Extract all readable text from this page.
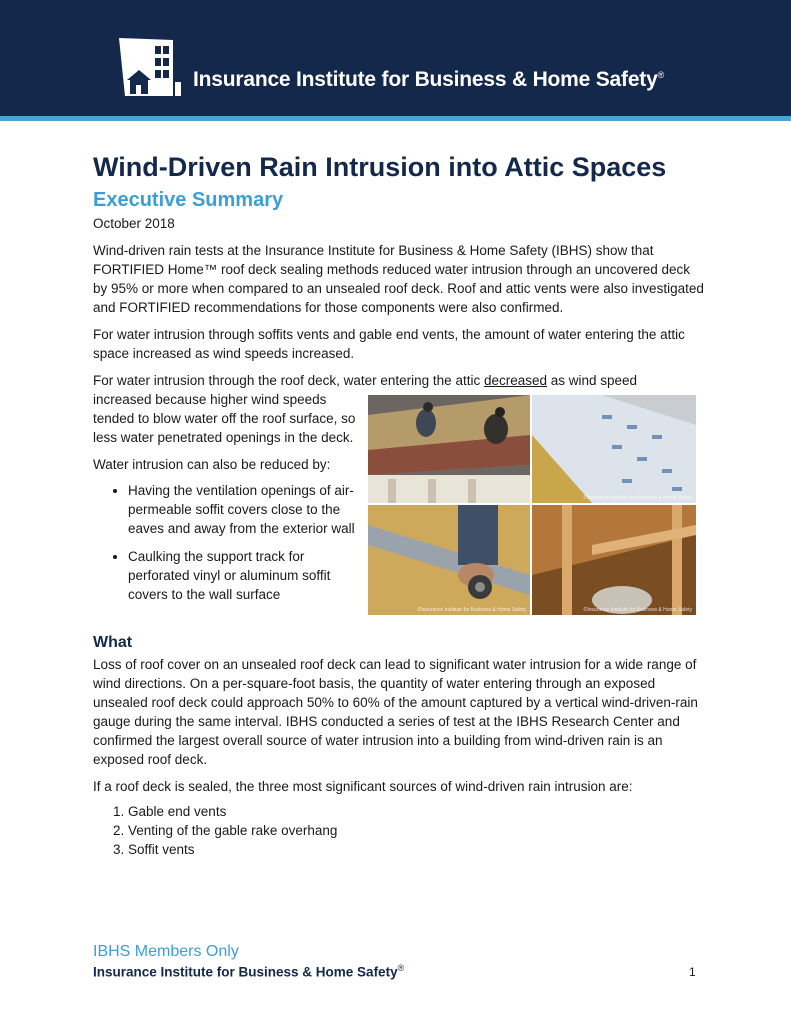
Insurance Institute for Business & Home Safety®
Wind-Driven Rain Intrusion into Attic Spaces
Executive Summary
October 2018

Wind-driven rain tests at the Insurance Institute for Business & Home Safety (IBHS) show that FORTIFIED Home™ roof deck sealing methods reduced water intrusion through an uncovered deck by 95% or more when compared to an unsealed roof deck. Roof and attic vents were also investigated and FORTIFIED recommendations for those components were also confirmed.

For water intrusion through soffits vents and gable end vents, the amount of water entering the attic space increased as wind speeds increased.

For water intrusion through the roof deck, water entering the attic decreased as wind speed

©Insurance Institute for Business & Home Safety
©Insurance Institute for Business & Home Safety	©Insurance Institute for Business & Home Safety

increased because higher wind speeds tended to blow water off the roof surface, so less water penetrated openings in the deck.

Water intrusion can also be reduced by:

• Having the ventilation openings of air-permeable soffit covers close to the eaves and away from the exterior wall
• Caulking the support track for perforated vinyl or aluminum soffit covers to the wall surface
What

Loss of roof cover on an unsealed roof deck can lead to significant water intrusion for a wide range of wind directions. On a per-square-foot basis, the quantity of water entering through an exposed unsealed roof deck could approach 50% to 60% of the amount captured by a vertical wind-driven-rain gauge during the same interval. IBHS conducted a series of test at the IBHS Research Center and confirmed the largest overall source of water intrusion into a building from wind-driven rain is an exposed roof deck.

If a roof deck is sealed, the three most significant sources of wind-driven rain intrusion are:

1. Gable end vents
2. Venting of the gable rake overhang
3. Soffit vents
IBHS Members Only
Insurance Institute for Business & Home Safety®	1
